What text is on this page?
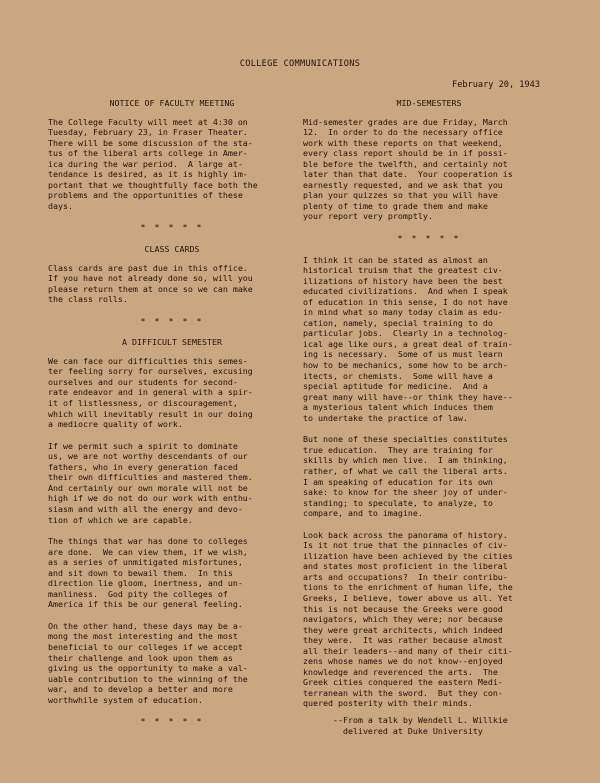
COLLEGE COMMUNICATIONS
February 20, 1943
NOTICE OF FACULTY MEETING

The College Faculty will meet at 4:30 on
Tuesday, February 23, in Fraser Theater.
There will be some discussion of the sta-
tus of the liberal arts college in Amer-
ica during the war period.  A large at-
tendance is desired, as it is highly im-
portant that we thoughtfully face both the
problems and the opportunities of these
days.

* * * * *

CLASS CARDS

Class cards are past due in this office.
If you have not already done so, will you
please return them at once so we can make
the class rolls.

* * * * *

A DIFFICULT SEMESTER

We can face our difficulties this semes-
ter feeling sorry for ourselves, excusing
ourselves and our students for second-
rate endeavor and in general with a spir-
it of listlessness, or discouragement,
which will inevitably result in our doing
a mediocre quality of work.

If we permit such a spirit to dominate
us, we are not worthy descendants of our
fathers, who in every generation faced
their own difficulties and mastered them.
And certainly our own morale will not be
high if we do not do our work with enthu-
siasm and with all the energy and devo-
tion of which we are capable.

The things that war has done to colleges
are done.  We can view them, if we wish,
as a series of unmitigated misfortunes,
and sit down to bewail them.  In this
direction lie gloom, inertness, and un-
manliness.  God pity the colleges of
America if this be our general feeling.

On the other hand, these days may be a-
mong the most interesting and the most
beneficial to our colleges if we accept
their challenge and look upon them as
giving us the opportunity to make a val-
uable contribution to the winning of the
war, and to develop a better and more
worthwhile system of education.

* * * * *

MID-SEMESTERS

Mid-semester grades are due Friday, March
12.  In order to do the necessary office
work with these reports on that weekend,
every class report should be in if possi-
ble before the twelfth, and certainly not
later than that date.  Your cooperation is
earnestly requested, and we ask that you
plan your quizzes so that you will have
plenty of time to grade them and make
your report very promptly.

* * * * *

I think it can be stated as almost an
historical truism that the greatest civ-
ilizations of history have been the best
educated civilizations.  And when I speak
of education in this sense, I do not have
in mind what so many today claim as edu-
cation, namely, special training to do
particular jobs.  Clearly in a technolog-
ical age like ours, a great deal of train-
ing is necessary.  Some of us must learn
how to be mechanics, some how to be arch-
itects, or chemists.  Some will have a
special aptitude for medicine.  And a
great many will have--or think they have--
a mysterious talent which induces them
to undertake the practice of law.

But none of these specialties constitutes
true education.  They are training for
skills by which men live.  I am thinking,
rather, of what we call the liberal arts.
I am speaking of education for its own
sake: to know for the sheer joy of under-
standing; to speculate, to analyze, to
compare, and to imagine.

Look back across the panorama of history.
Is it not true that the pinnacles of civ-
ilization have been achieved by the cities
and states most proficient in the liberal
arts and occupations?  In their contribu-
tions to the enrichment of human life, the
Greeks, I believe, tower above us all. Yet
this is not because the Greeks were good
navigators, which they were; nor because
they were great architects, which indeed
they were.  It was rather because almost
all their leaders--and many of their citi-
zens whose names we do not know--enjoyed
knowledge and reverenced the arts.  The
Greek cities conquered the eastern Medi-
terranean with the sword.  But they con-
quered posterity with their minds.

--From a talk by Wendell L. Willkie
delivered at Duke University
